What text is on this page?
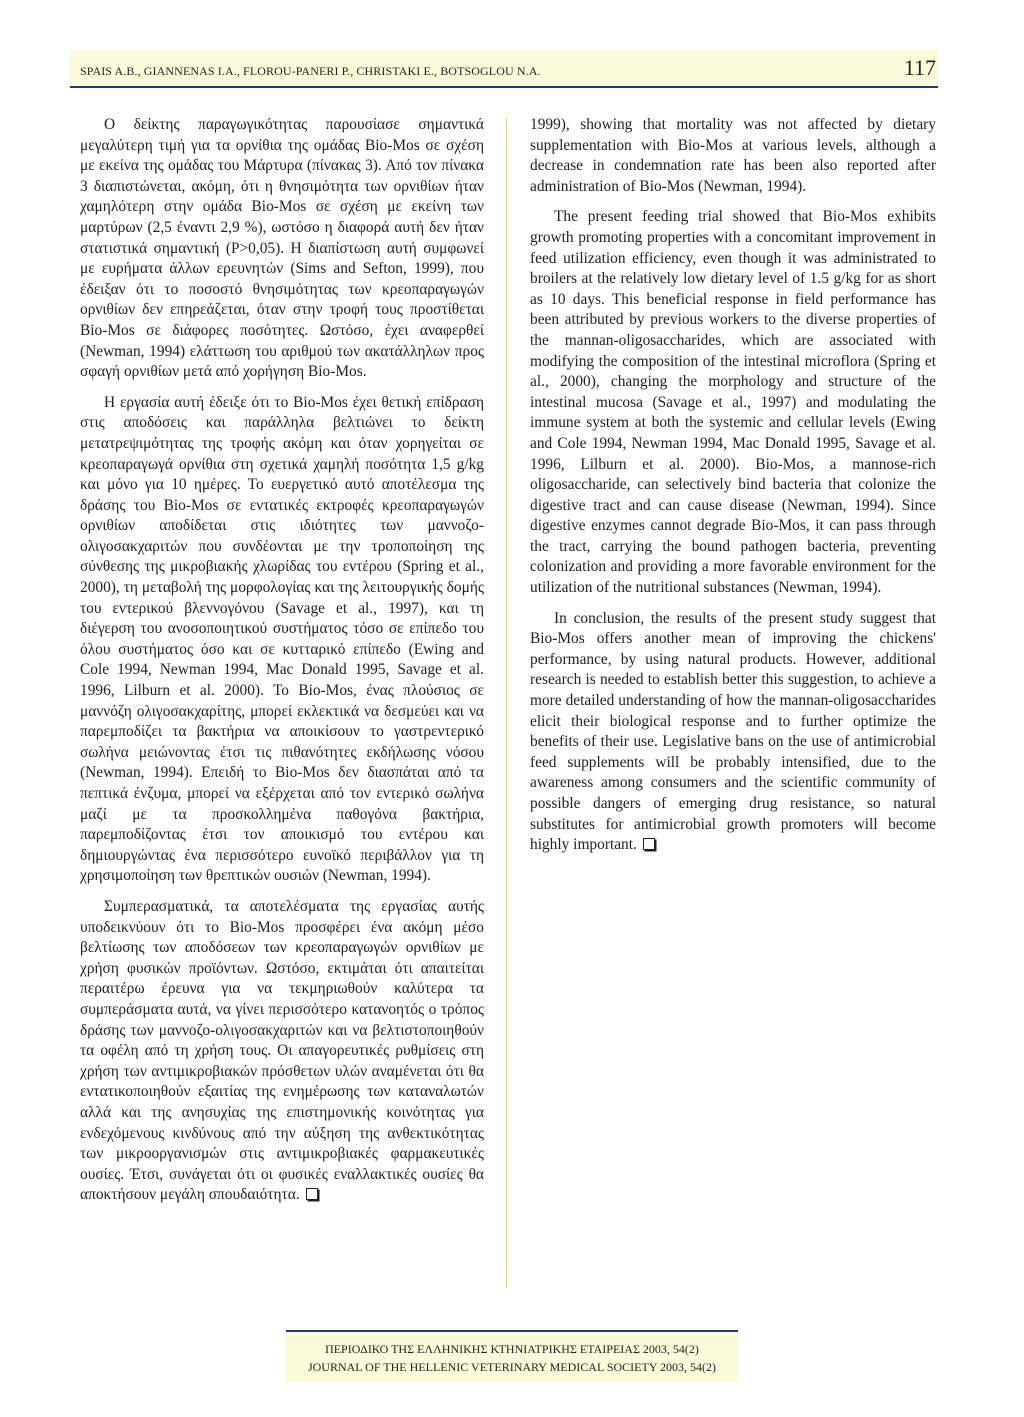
SPAIS A.B., GIANNENAS I.A., FLOROU-PANERI P., CHRISTAKI E., BOTSOGLOU N.A.	117

Ο δείκτης παραγωγικότητας παρουσίασε σημαντικά μεγαλύτερη τιμή για τα ορνίθια της ομάδας Bio-Mos σε σχέση με εκείνα της ομάδας του Μάρτυρα (πίνακας 3). Από τον πίνακα 3 διαπιστώνεται, ακόμη, ότι η θνησιμότητα των ορνιθίων ήταν χαμηλότερη στην ομάδα Bio-Mos σε σχέση με εκείνη των μαρτύρων (2,5 έναντι 2,9 %), ωστόσο η διαφορά αυτή δεν ήταν στατιστικά σημαντική (P>0,05). Η διαπίστωση αυτή συμφωνεί με ευρήματα άλλων ερευνητών (Sims and Sefton, 1999), που έδειξαν ότι το ποσοστό θνησιμότητας των κρεοπαραγωγών ορνιθίων δεν επηρεάζεται, όταν στην τροφή τους προστίθεται Bio-Mos σε διάφορες ποσότητες. Ωστόσο, έχει αναφερθεί (Newman, 1994) ελάττωση του αριθμού των ακατάλληλων προς σφαγή ορνιθίων μετά από χορήγηση Bio-Mos.

Η εργασία αυτή έδειξε ότι το Bio-Mos έχει θετική επίδραση στις αποδόσεις και παράλληλα βελτιώνει το δείκτη μετατρεψιμότητας της τροφής ακόμη και όταν χορηγείται σε κρεοπαραγωγά ορνίθια στη σχετικά χαμηλή ποσότητα 1,5 g/kg και μόνο για 10 ημέρες. Το ευεργετικό αυτό αποτέλεσμα της δράσης του Bio-Mos σε εντατικές εκτροφές κρεοπαραγωγών ορνιθίων αποδίδεται στις ιδιότητες των μαννοζο-ολιγοσακχαριτών που συνδέονται με την τροποποίηση της σύνθεσης της μικροβιακής χλωρίδας του εντέρου (Spring et al., 2000), τη μεταβολή της μορφολογίας και της λειτουργικής δομής του εντερικού βλεννογόνου (Savage et al., 1997), και τη διέγερση του ανοσοποιητικού συστήματος τόσο σε επίπεδο του όλου συστήματος όσο και σε κυτταρικό επίπεδο (Ewing and Cole 1994, Newman 1994, Mac Donald 1995, Savage et al. 1996, Lilburn et al. 2000). Το Bio-Mos, ένας πλούσιος σε μαννόζη ολιγοσακχαρίτης, μπορεί εκλεκτικά να δεσμεύει και να παρεμποδίζει τα βακτήρια να αποικίσουν το γαστρεντερικό σωλήνα μειώνοντας έτσι τις πιθανότητες εκδήλωσης νόσου (Newman, 1994). Επειδή το Bio-Mos δεν διασπάται από τα πεπτικά ένζυμα, μπορεί να εξέρχεται από τον εντερικό σωλήνα μαζί με τα προσκολλημένα παθογόνα βακτήρια, παρεμποδίζοντας έτσι τον αποικισμό του εντέρου και δημιουργώντας ένα περισσότερο ευνοϊκό περιβάλλον για τη χρησιμοποίηση των θρεπτικών ουσιών (Newman, 1994).

Συμπερασματικά, τα αποτελέσματα της εργασίας αυτής υποδεικνύουν ότι το Bio-Mos προσφέρει ένα ακόμη μέσο βελτίωσης των αποδόσεων των κρεοπαραγωγών ορνιθίων με χρήση φυσικών προϊόντων. Ωστόσο, εκτιμάται ότι απαιτείται περαιτέρω έρευνα για να τεκμηριωθούν καλύτερα τα συμπεράσματα αυτά, να γίνει περισσότερο κατανοητός ο τρόπος δράσης των μαννοζο-ολιγοσακχαριτών και να βελτιστοποιηθούν τα οφέλη από τη χρήση τους. Οι απαγορευτικές ρυθμίσεις στη χρήση των αντιμικροβιακών πρόσθετων υλών αναμένεται ότι θα εντατικοποιηθούν εξαιτίας της ενημέρωσης των καταναλωτών αλλά και της ανησυχίας της επιστημονικής κοινότητας για ενδεχόμενους κινδύνους από την αύξηση της ανθεκτικότητας των μικροοργανισμών στις αντιμικροβιακές φαρμακευτικές ουσίες. Έτσι, συνάγεται ότι οι φυσικές εναλλακτικές ουσίες θα αποκτήσουν μεγάλη σπουδαιότητα.

1999), showing that mortality was not affected by dietary supplementation with Bio-Mos at various levels, although a decrease in condemnation rate has been also reported after administration of Bio-Mos (Newman, 1994).

The present feeding trial showed that Bio-Mos exhibits growth promoting properties with a concomitant improvement in feed utilization efficiency, even though it was administrated to broilers at the relatively low dietary level of 1.5 g/kg for as short as 10 days. This beneficial response in field performance has been attributed by previous workers to the diverse properties of the mannan-oligosaccharides, which are associated with modifying the composition of the intestinal microflora (Spring et al., 2000), changing the morphology and structure of the intestinal mucosa (Savage et al., 1997) and modulating the immune system at both the systemic and cellular levels (Ewing and Cole 1994, Newman 1994, Mac Donald 1995, Savage et al. 1996, Lilburn et al. 2000). Bio-Mos, a mannose-rich oligosaccharide, can selectively bind bacteria that colonize the digestive tract and can cause disease (Newman, 1994). Since digestive enzymes cannot degrade Bio-Mos, it can pass through the tract, carrying the bound pathogen bacteria, preventing colonization and providing a more favorable environment for the utilization of the nutritional substances (Newman, 1994).

In conclusion, the results of the present study suggest that Bio-Mos offers another mean of improving the chickens' performance, by using natural products. However, additional research is needed to establish better this suggestion, to achieve a more detailed understanding of how the mannan-oligosaccharides elicit their biological response and to further optimize the benefits of their use. Legislative bans on the use of antimicrobial feed supplements will be probably intensified, due to the awareness among consumers and the scientific community of possible dangers of emerging drug resistance, so natural substitutes for antimicrobial growth promoters will become highly important.

ΠΕΡΙΟΔΙΚΟ ΤΗΣ ΕΛΛΗΝΙΚΗΣ ΚΤΗΝΙΑΤΡΙΚΗΣ ΕΤΑΙΡΕΙΑΣ 2003, 54(2)
JOURNAL OF THE HELLENIC VETERINARY MEDICAL SOCIETY 2003, 54(2)
